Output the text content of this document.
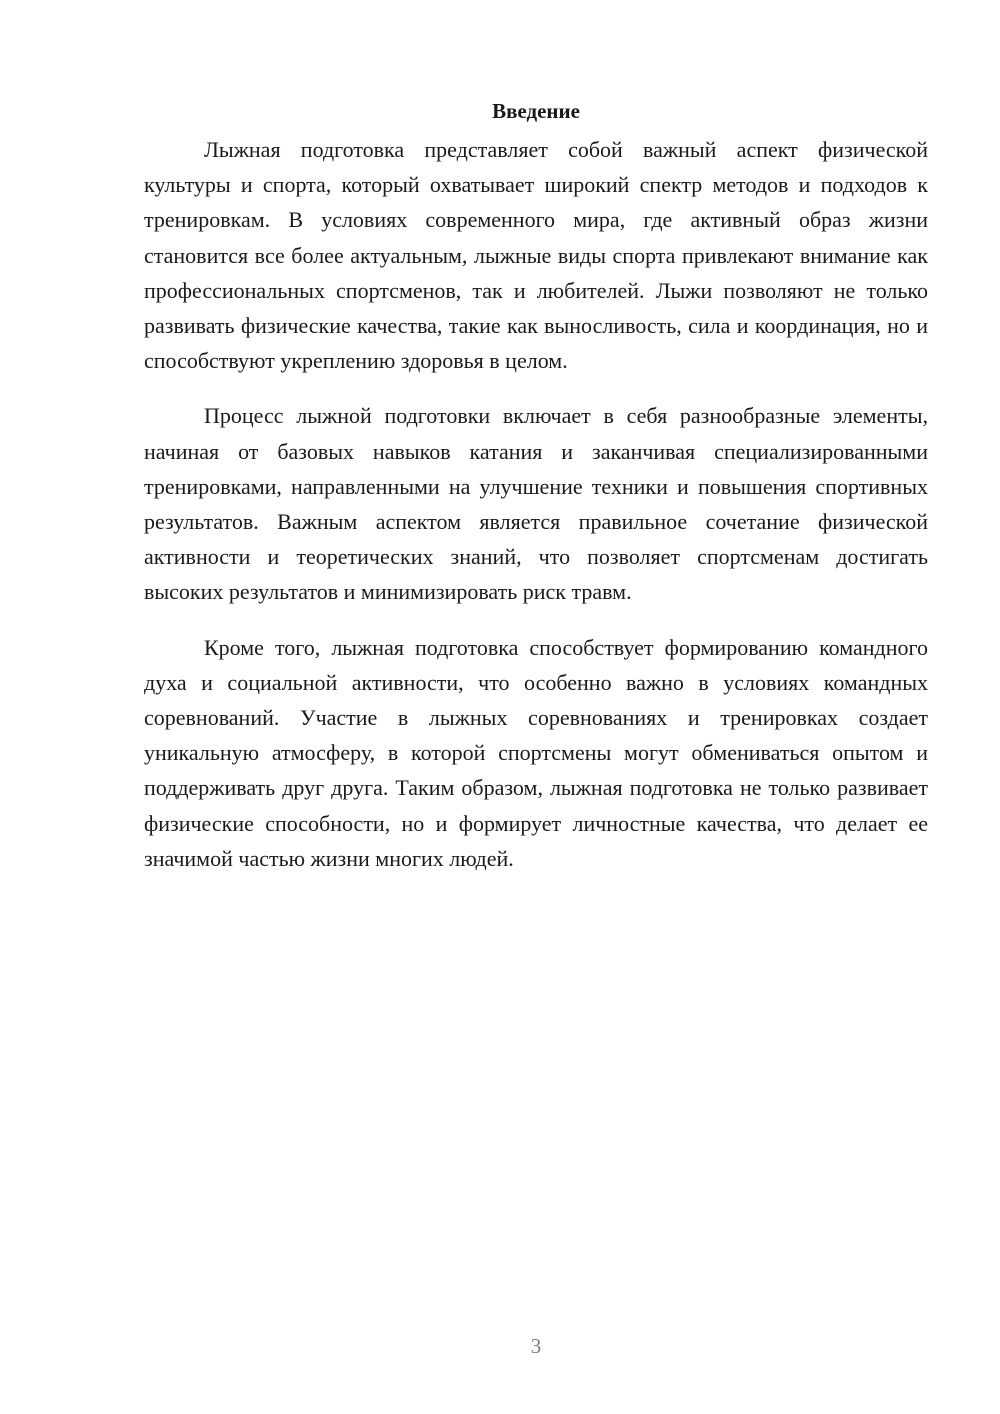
Введение

Лыжная подготовка представляет собой важный аспект физической культуры и спорта, который охватывает широкий спектр методов и подходов к тренировкам. В условиях современного мира, где активный образ жизни становится все более актуальным, лыжные виды спорта привлекают внимание как профессиональных спортсменов, так и любителей. Лыжи позволяют не только развивать физические качества, такие как выносливость, сила и координация, но и способствуют укреплению здоровья в целом.

Процесс лыжной подготовки включает в себя разнообразные элементы, начиная от базовых навыков катания и заканчивая специализированными тренировками, направленными на улучшение техники и повышения спортивных результатов. Важным аспектом является правильное сочетание физической активности и теоретических знаний, что позволяет спортсменам достигать высоких результатов и минимизировать риск травм.

Кроме того, лыжная подготовка способствует формированию командного духа и социальной активности, что особенно важно в условиях командных соревнований. Участие в лыжных соревнованиях и тренировках создает уникальную атмосферу, в которой спортсмены могут обмениваться опытом и поддерживать друг друга. Таким образом, лыжная подготовка не только развивает физические способности, но и формирует личностные качества, что делает ее значимой частью жизни многих людей.

3
